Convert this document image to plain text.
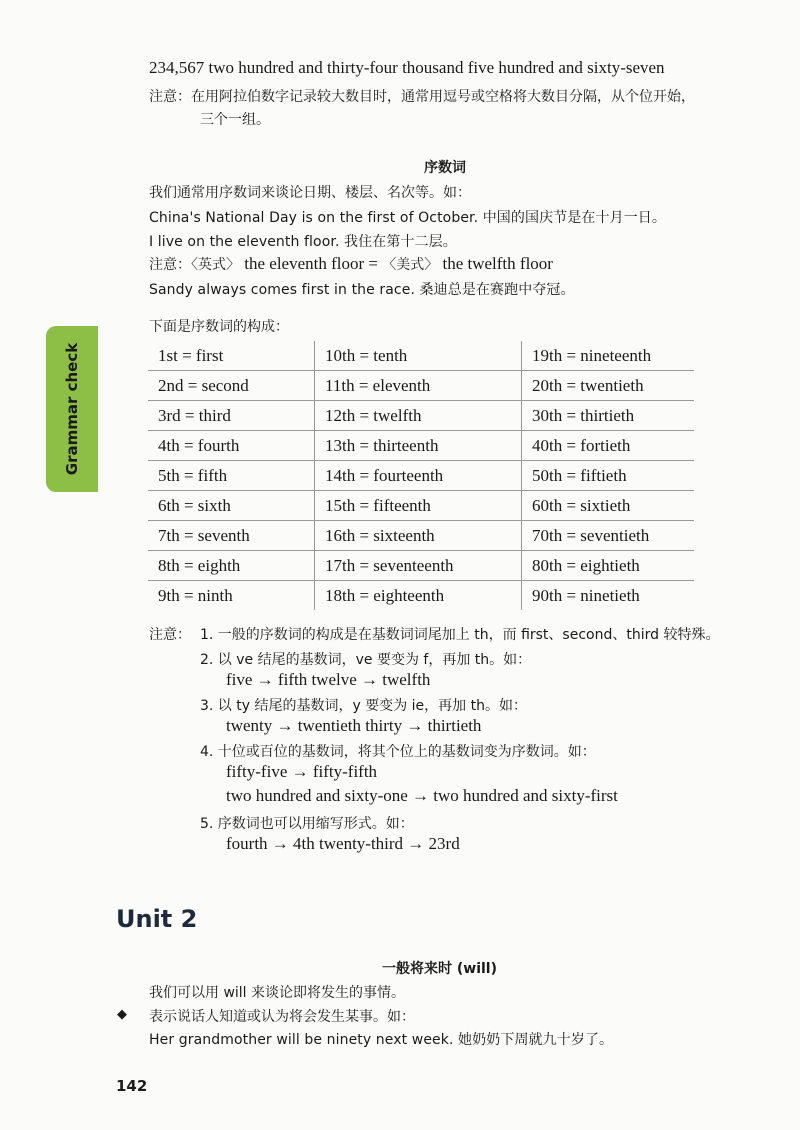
234,567 two hundred and thirty-four thousand five hundred and sixty-seven
注意：在用阿拉伯数字记录较大数目时，通常用逗号或空格将大数目分隔，从个位开始，
三个一组。
序数词
我们通常用序数词来谈论日期、楼层、名次等。如：
China's National Day is on the first of October. 中国的国庆节是在十月一日。
I live on the eleventh floor. 我住在第十二层。
注意：〈英式〉 the eleventh floor = 〈美式〉 the twelfth floor
Sandy always comes first in the race. 桑迪总是在赛跑中夺冠。
下面是序数词的构成：
Grammar check	1st = first	10th = tenth	19th = nineteenth
2nd = second	11th = eleventh	20th = twentieth
3rd = third	12th = twelfth	30th = thirtieth
4th = fourth	13th = thirteenth	40th = fortieth
5th = fifth	14th = fourteenth	50th = fiftieth
6th = sixth	15th = fifteenth	60th = sixtieth
7th = seventh	16th = sixteenth	70th = seventieth
8th = eighth	17th = seventeenth	80th = eightieth
9th = ninth	18th = eighteenth	90th = ninetieth
注意： 1. 一般的序数词的构成是在基数词词尾加上 th，而 first、second、third 较特殊。
2. 以 ve 结尾的基数词，ve 要变为 f，再加 th。如：
five → fifth twelve → twelfth
3. 以 ty 结尾的基数词，y 要变为 ie，再加 th。如：
twenty → twentieth thirty → thirtieth
4. 十位或百位的基数词，将其个位上的基数词变为序数词。如：
fifty-five → fifty-fifth
two hundred and sixty-one → two hundred and sixty-first
5. 序数词也可以用缩写形式。如：
fourth → 4th twenty-third → 23rd
Unit 2
一般将来时 (will)
我们可以用 will 来谈论即将发生的事情。
◆ 表示说话人知道或认为将会发生某事。如：
Her grandmother will be ninety next week. 她奶奶下周就九十岁了。
142
